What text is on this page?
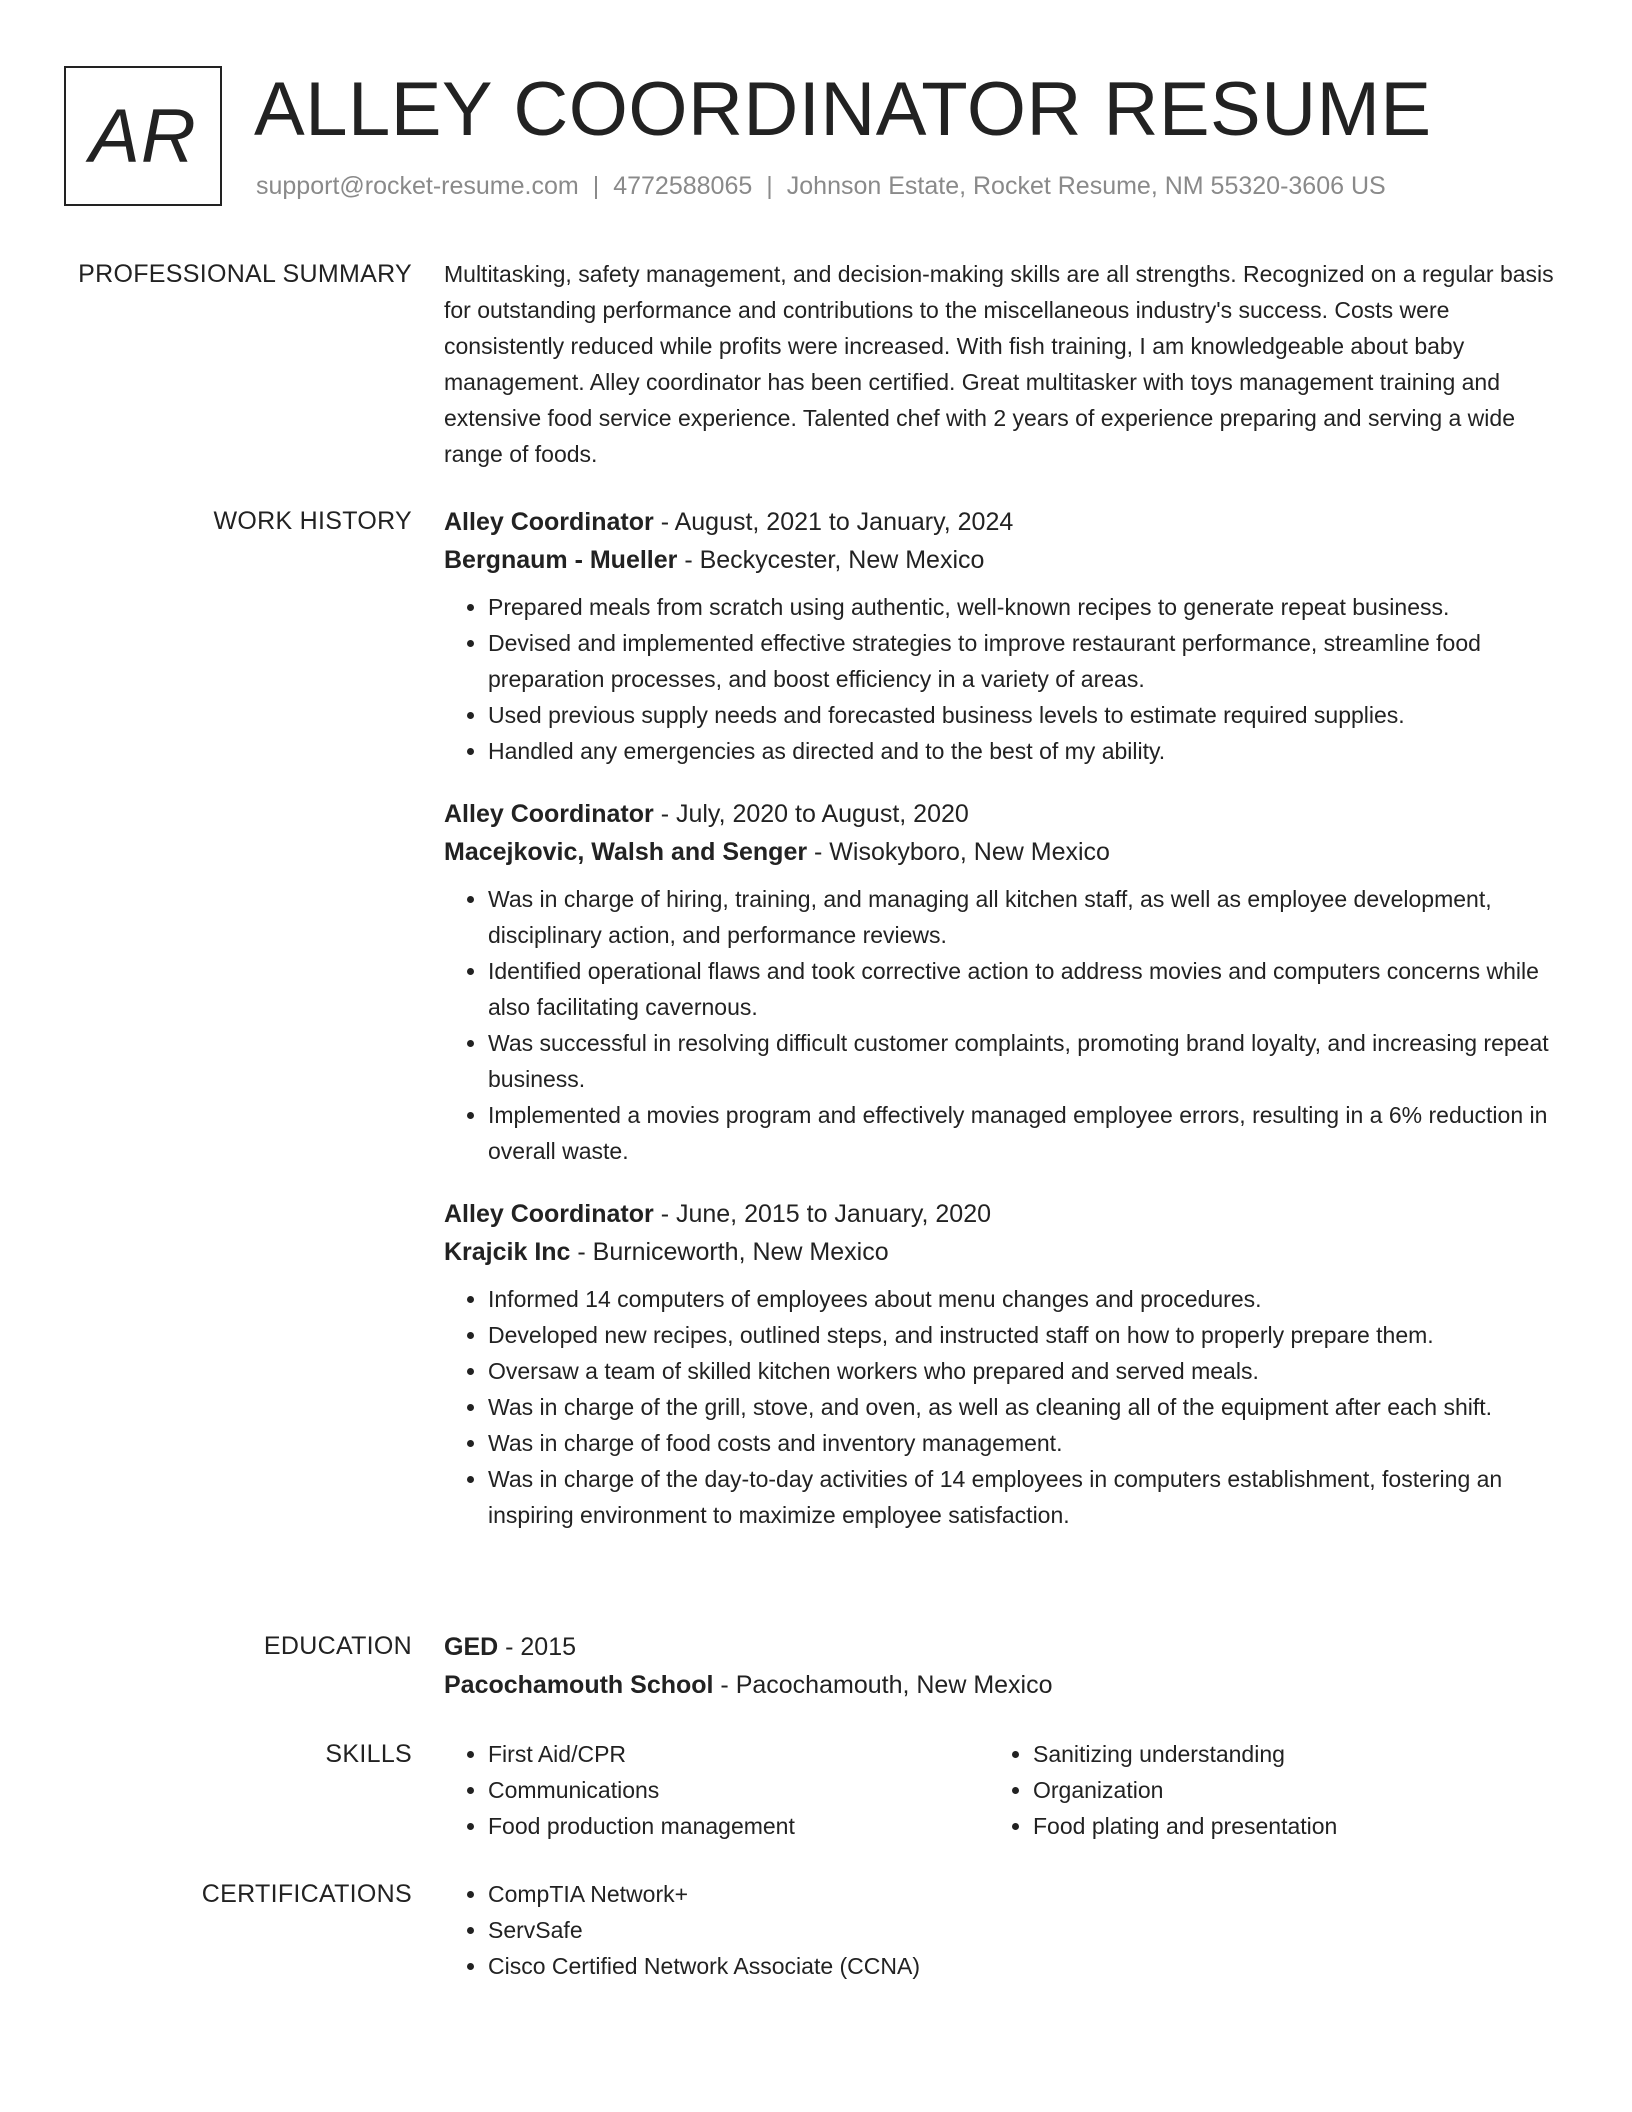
AR ALLEY COORDINATOR RESUME
support@rocket-resume.com | 4772588065 | Johnson Estate, Rocket Resume, NM 55320-3606 US
PROFESSIONAL SUMMARY Multitasking, safety management, and decision-making skills are all strengths. Recognized on a regular basis for outstanding performance and contributions to the miscellaneous industry's success. Costs were consistently reduced while profits were increased. With fish training, I am knowledgeable about baby management. Alley coordinator has been certified. Great multitasker with toys management training and extensive food service experience. Talented chef with 2 years of experience preparing and serving a wide range of foods.

WORK HISTORY Alley Coordinator - August, 2021 to January, 2024
Bergnaum - Mueller - Beckycester, New Mexico
• Prepared meals from scratch using authentic, well-known recipes to generate repeat business.
• Devised and implemented effective strategies to improve restaurant performance, streamline food preparation processes, and boost efficiency in a variety of areas.
• Used previous supply needs and forecasted business levels to estimate required supplies.
• Handled any emergencies as directed and to the best of my ability.
Alley Coordinator - July, 2020 to August, 2020
Macejkovic, Walsh and Senger - Wisokyboro, New Mexico
• Was in charge of hiring, training, and managing all kitchen staff, as well as employee development, disciplinary action, and performance reviews.
• Identified operational flaws and took corrective action to address movies and computers concerns while also facilitating cavernous.
• Was successful in resolving difficult customer complaints, promoting brand loyalty, and increasing repeat business.
• Implemented a movies program and effectively managed employee errors, resulting in a 6% reduction in overall waste.
Alley Coordinator - June, 2015 to January, 2020
Krajcik Inc - Burniceworth, New Mexico
• Informed 14 computers of employees about menu changes and procedures.
• Developed new recipes, outlined steps, and instructed staff on how to properly prepare them.
• Oversaw a team of skilled kitchen workers who prepared and served meals.
• Was in charge of the grill, stove, and oven, as well as cleaning all of the equipment after each shift.
• Was in charge of food costs and inventory management.
• Was in charge of the day-to-day activities of 14 employees in computers establishment, fostering an inspiring environment to maximize employee satisfaction.
EDUCATION GED - 2015
Pacochamouth School - Pacochamouth, New Mexico
SKILLS	• First Aid/CPR
• Communications
• Food production management
• Sanitizing understanding
• Organization
• Food plating and presentation
CERTIFICATIONS	• CompTIA Network+
• ServSafe
• Cisco Certified Network Associate (CCNA)
